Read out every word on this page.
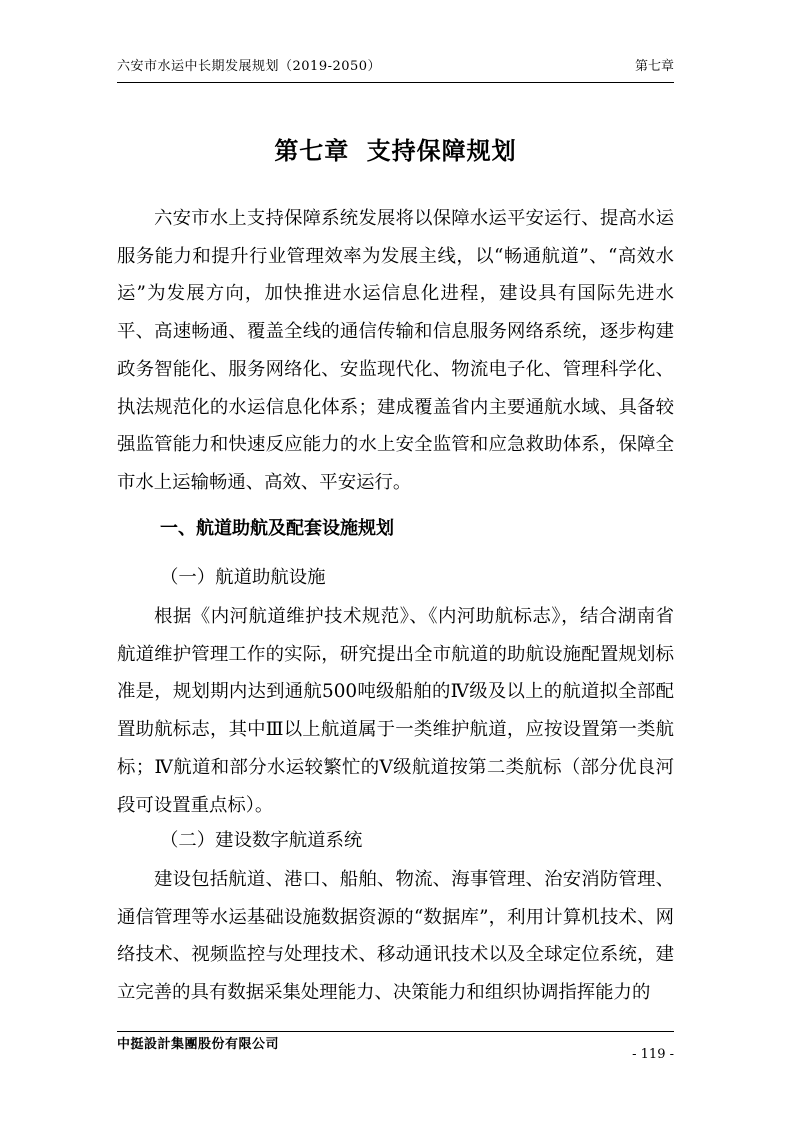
六安市水运中长期发展规划（2019-2050）	第七章
第七章 支持保障规划

六安市水上支持保障系统发展将以保障水运平安运行、提高水运服务能力和提升行业管理效率为发展主线，以“畅通航道”、“高效水运”为发展方向，加快推进水运信息化进程，建设具有国际先进水平、高速畅通、覆盖全线的通信传输和信息服务网络系统，逐步构建政务智能化、服务网络化、安监现代化、物流电子化、管理科学化、执法规范化的水运信息化体系；建成覆盖省内主要通航水域、具备较强监管能力和快速反应能力的水上安全监管和应急救助体系，保障全市水上运输畅通、高效、平安运行。

一、航道助航及配套设施规划
（一）航道助航设施

根据《内河航道维护技术规范》、《内河助航标志》，结合湖南省航道维护管理工作的实际，研究提出全市航道的助航设施配置规划标准是，规划期内达到通航500吨级船舶的Ⅳ级及以上的航道拟全部配置助航标志，其中Ⅲ以上航道属于一类维护航道，应按设置第一类航标；Ⅳ航道和部分水运较繁忙的Ⅴ级航道按第二类航标（部分优良河段可设置重点标）。

（二）建设数字航道系统

建设包括航道、港口、船舶、物流、海事管理、治安消防管理、通信管理等水运基础设施数据资源的“数据库”，利用计算机技术、网络技术、视频监控与处理技术、移动通讯技术以及全球定位系统，建立完善的具有数据采集处理能力、决策能力和组织协调指挥能力的

中挺設計集團股份有限公司
- 119 -
